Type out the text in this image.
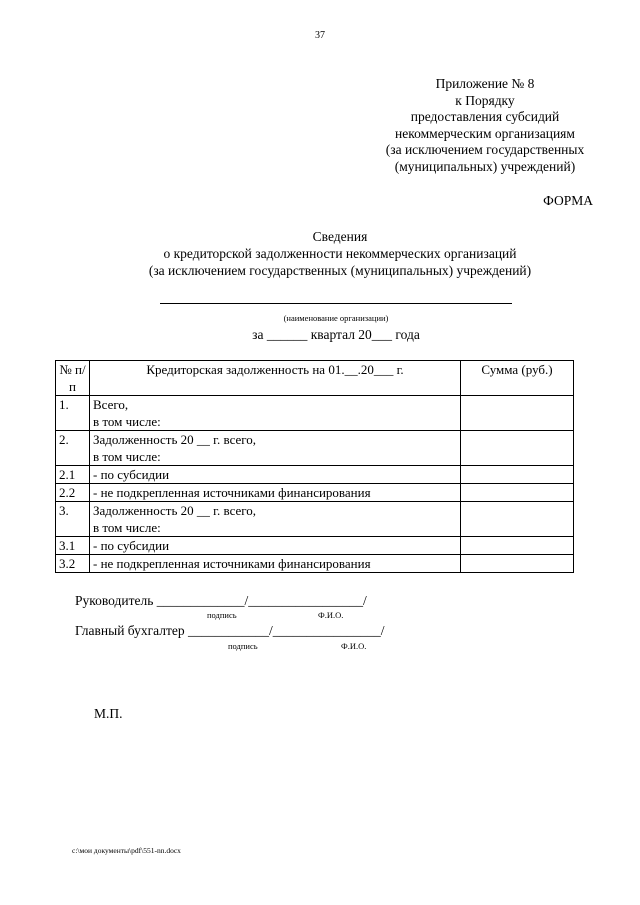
37
Приложение № 8
к Порядку
предоставления субсидий
некоммерческим организациям
(за исключением государственных
(муниципальных) учреждений)
ФОРМА
Сведения
о кредиторской задолженности некоммерческих организаций
(за исключением государственных (муниципальных) учреждений)
(наименование организации)
за ______ квартал 20___ года
№ п/п	Кредиторская задолженность на 01.__.20___ г.	Сумма (руб.)
1.	Всего,
в том числе:	

2.	Задолженность 20 __ г. всего,
в том числе:	

2.1	- по субсидии	
2.2	- не подкрепленная источниками финансирования	
3.	Задолженность 20 __ г. всего,
в том числе:	

3.1	- по субсидии	
3.2	- не подкрепленная источниками финансирования	
Руководитель _____________/_________________/
подпись	Ф.И.О.
Главный бухгалтер ____________/________________/
подпись	Ф.И.О.
М.П.
c:\мои документы\pdf\551-nn.docx
